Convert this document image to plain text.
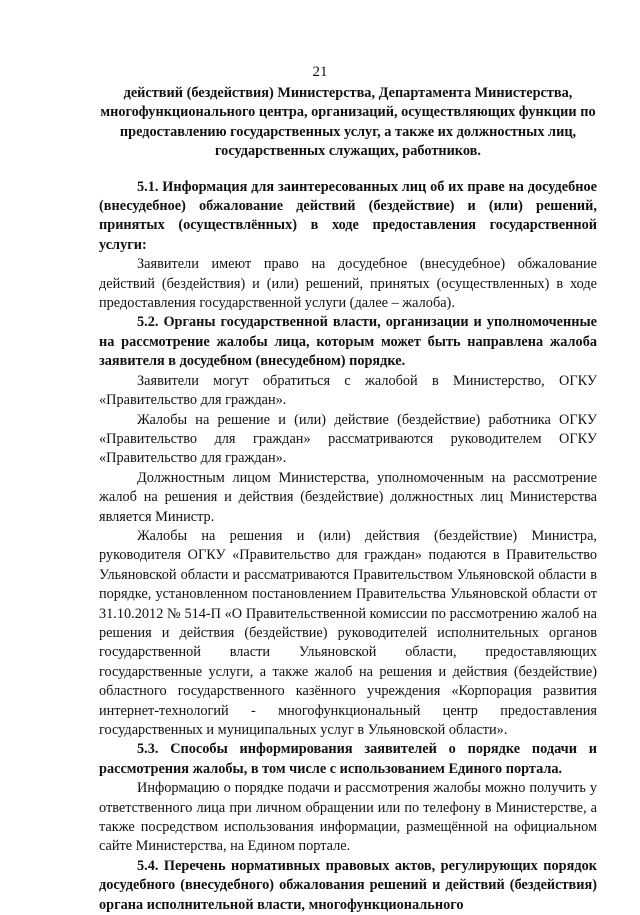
21

действий (бездействия) Министерства, Департамента Министерства, многофункционального центра, организаций, осуществляющих функции по предоставлению государственных услуг, а также их должностных лиц, государственных служащих, работников.

5.1. Информация для заинтересованных лиц об их праве на досудебное (внесудебное) обжалование действий (бездействие) и (или) решений, принятых (осуществлённых) в ходе предоставления государственной услуги:

Заявители имеют право на досудебное (внесудебное) обжалование действий (бездействия) и (или) решений, принятых (осуществленных) в ходе предоставления государственной услуги (далее – жалоба).

5.2. Органы государственной власти, организации и уполномоченные на рассмотрение жалобы лица, которым может быть направлена жалоба заявителя в досудебном (внесудебном) порядке.

Заявители могут обратиться с жалобой в Министерство, ОГКУ «Правительство для граждан».

Жалобы на решение и (или) действие (бездействие) работника ОГКУ «Правительство для граждан» рассматриваются руководителем ОГКУ «Правительство для граждан».

Должностным лицом Министерства, уполномоченным на рассмотрение жалоб на решения и действия (бездействие) должностных лиц Министерства является Министр.

Жалобы на решения и (или) действия (бездействие) Министра, руководителя ОГКУ «Правительство для граждан» подаются в Правительство Ульяновской области и рассматриваются Правительством Ульяновской области в порядке, установленном постановлением Правительства Ульяновской области от 31.10.2012 № 514-П «О Правительственной комиссии по рассмотрению жалоб на решения и действия (бездействие) руководителей исполнительных органов государственной власти Ульяновской области, предоставляющих государственные услуги, а также жалоб на решения и действия (бездействие) областного государственного казённого учреждения «Корпорация развития интернет-технологий - многофункциональный центр предоставления государственных и муниципальных услуг в Ульяновской области».

5.3. Способы информирования заявителей о порядке подачи и рассмотрения жалобы, в том числе с использованием Единого портала.

Информацию о порядке подачи и рассмотрения жалобы можно получить у ответственного лица при личном обращении или по телефону в Министерстве, а также посредством использования информации, размещённой на официальном сайте Министерства, на Едином портале.

5.4. Перечень нормативных правовых актов, регулирующих порядок досудебного (внесудебного) обжалования решений и действий (бездействия) органа исполнительной власти, многофункционального
